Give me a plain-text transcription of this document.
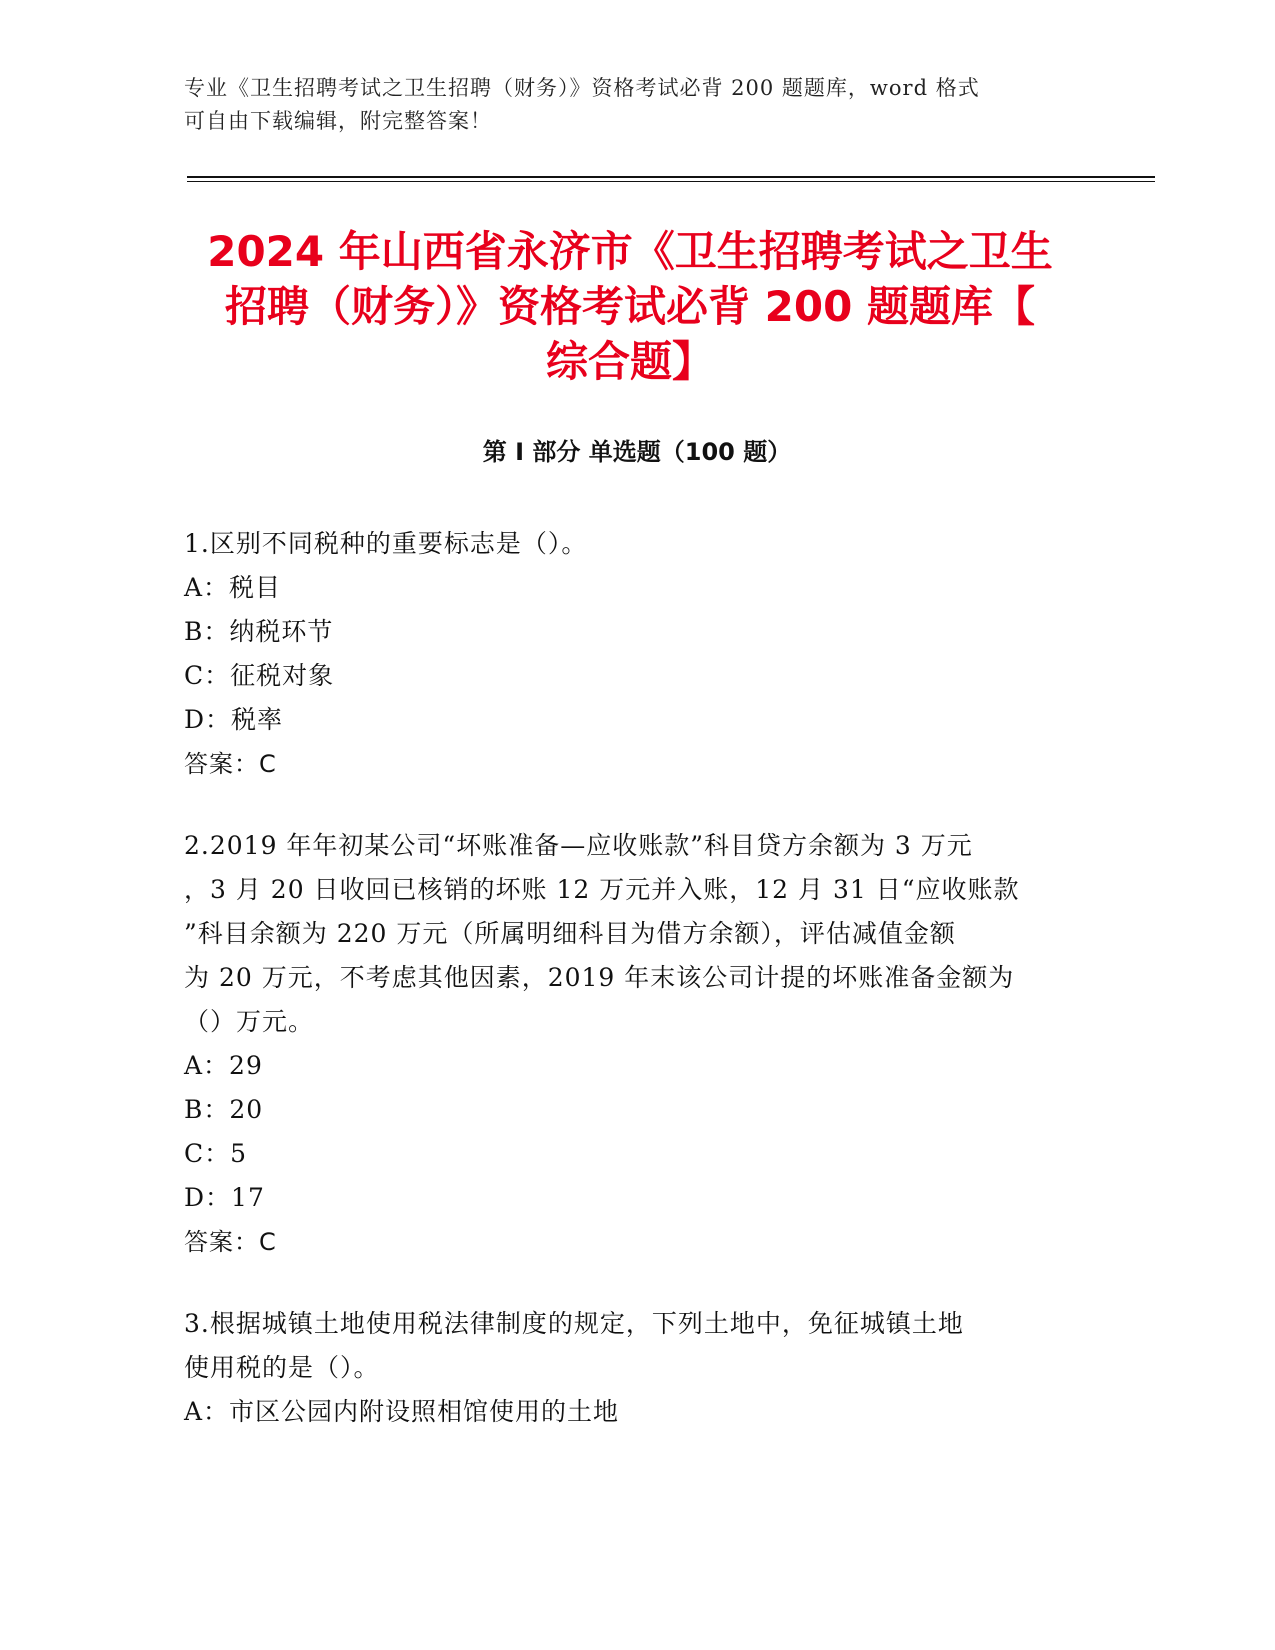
专业《卫生招聘考试之卫生招聘（财务）》资格考试必背 200 题题库，word 格式
可自由下载编辑，附完整答案！
2024 年山西省永济市《卫生招聘考试之卫生
招聘（财务）》资格考试必背 200 题题库【
综合题】
第 I 部分 单选题（100 题）

1.区别不同税种的重要标志是（）。

A：税目

B：纳税环节

C：征税对象

D：税率

答案：C

2.2019 年年初某公司“坏账准备—应收账款”科目贷方余额为 3 万元

，3 月 20 日收回已核销的坏账 12 万元并入账，12 月 31 日“应收账款

”科目余额为 220 万元（所属明细科目为借方余额），评估减值金额

为 20 万元，不考虑其他因素，2019 年末该公司计提的坏账准备金额为

（）万元。

A：29

B：20

C：5

D：17

答案：C

3.根据城镇土地使用税法律制度的规定，下列土地中，免征城镇土地

使用税的是（）。

A：市区公园内附设照相馆使用的土地
